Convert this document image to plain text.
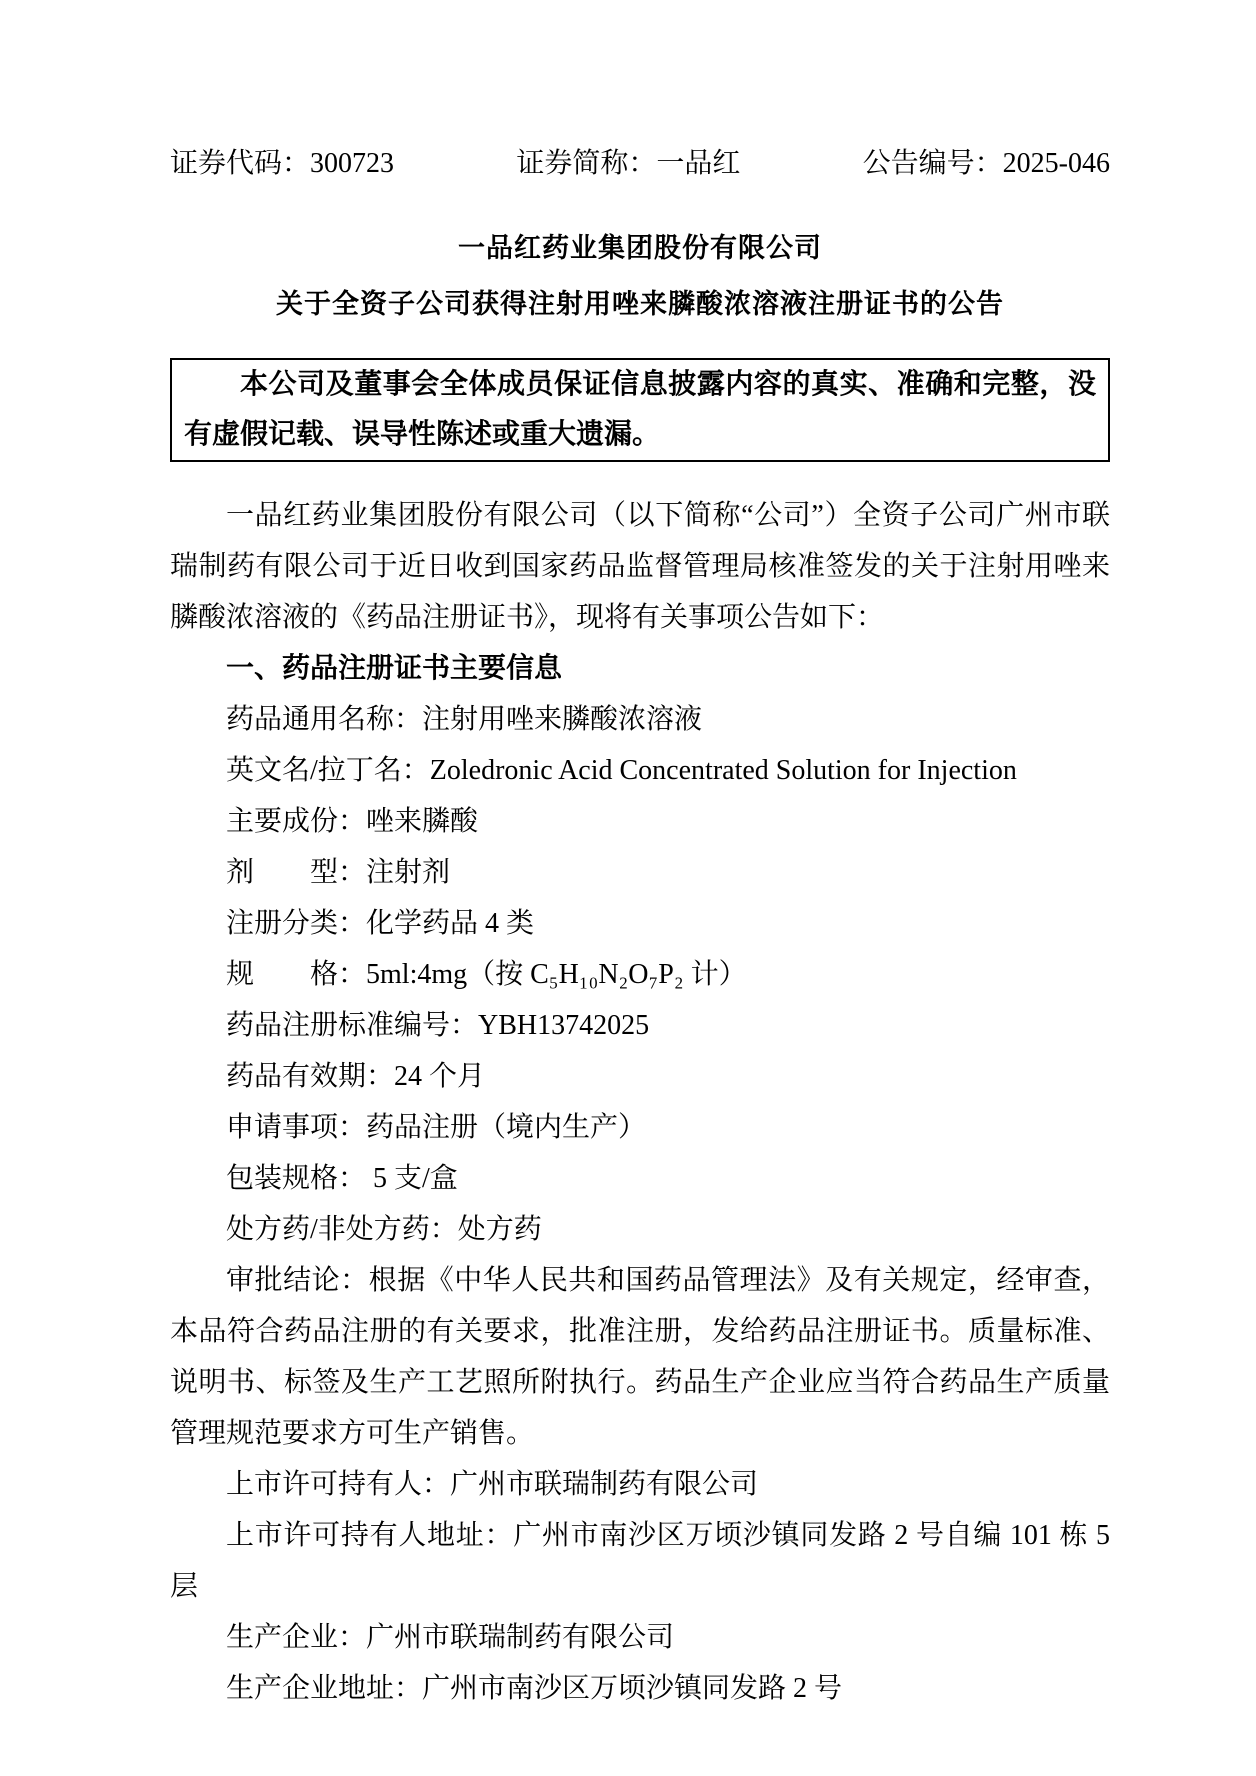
证券代码：300723	证券简称：一品红	公告编号：2025-046
一品红药业集团股份有限公司
关于全资子公司获得注射用唑来膦酸浓溶液注册证书的公告

本公司及董事会全体成员保证信息披露内容的真实、准确和完整，没有虚假记载、误导性陈述或重大遗漏。

一品红药业集团股份有限公司（以下简称“公司”）全资子公司广州市联瑞制药有限公司于近日收到国家药品监督管理局核准签发的关于注射用唑来膦酸浓溶液的《药品注册证书》，现将有关事项公告如下：

一、药品注册证书主要信息

药品通用名称：注射用唑来膦酸浓溶液

英文名/拉丁名：Zoledronic Acid Concentrated Solution for Injection

主要成份：唑来膦酸

剂　　型：注射剂

注册分类：化学药品 4 类

规　　格：5ml:4mg（按 C₅H₁₀N₂O₇P₂ 计）

药品注册标准编号：YBH13742025

药品有效期：24 个月

申请事项：药品注册（境内生产）

包装规格： 5 支/盒

处方药/非处方药：处方药

审批结论：根据《中华人民共和国药品管理法》及有关规定，经审查，本品符合药品注册的有关要求，批准注册，发给药品注册证书。质量标准、说明书、标签及生产工艺照所附执行。药品生产企业应当符合药品生产质量管理规范要求方可生产销售。

上市许可持有人：广州市联瑞制药有限公司

上市许可持有人地址：广州市南沙区万顷沙镇同发路 2 号自编 101 栋 5 层

生产企业：广州市联瑞制药有限公司

生产企业地址：广州市南沙区万顷沙镇同发路 2 号
